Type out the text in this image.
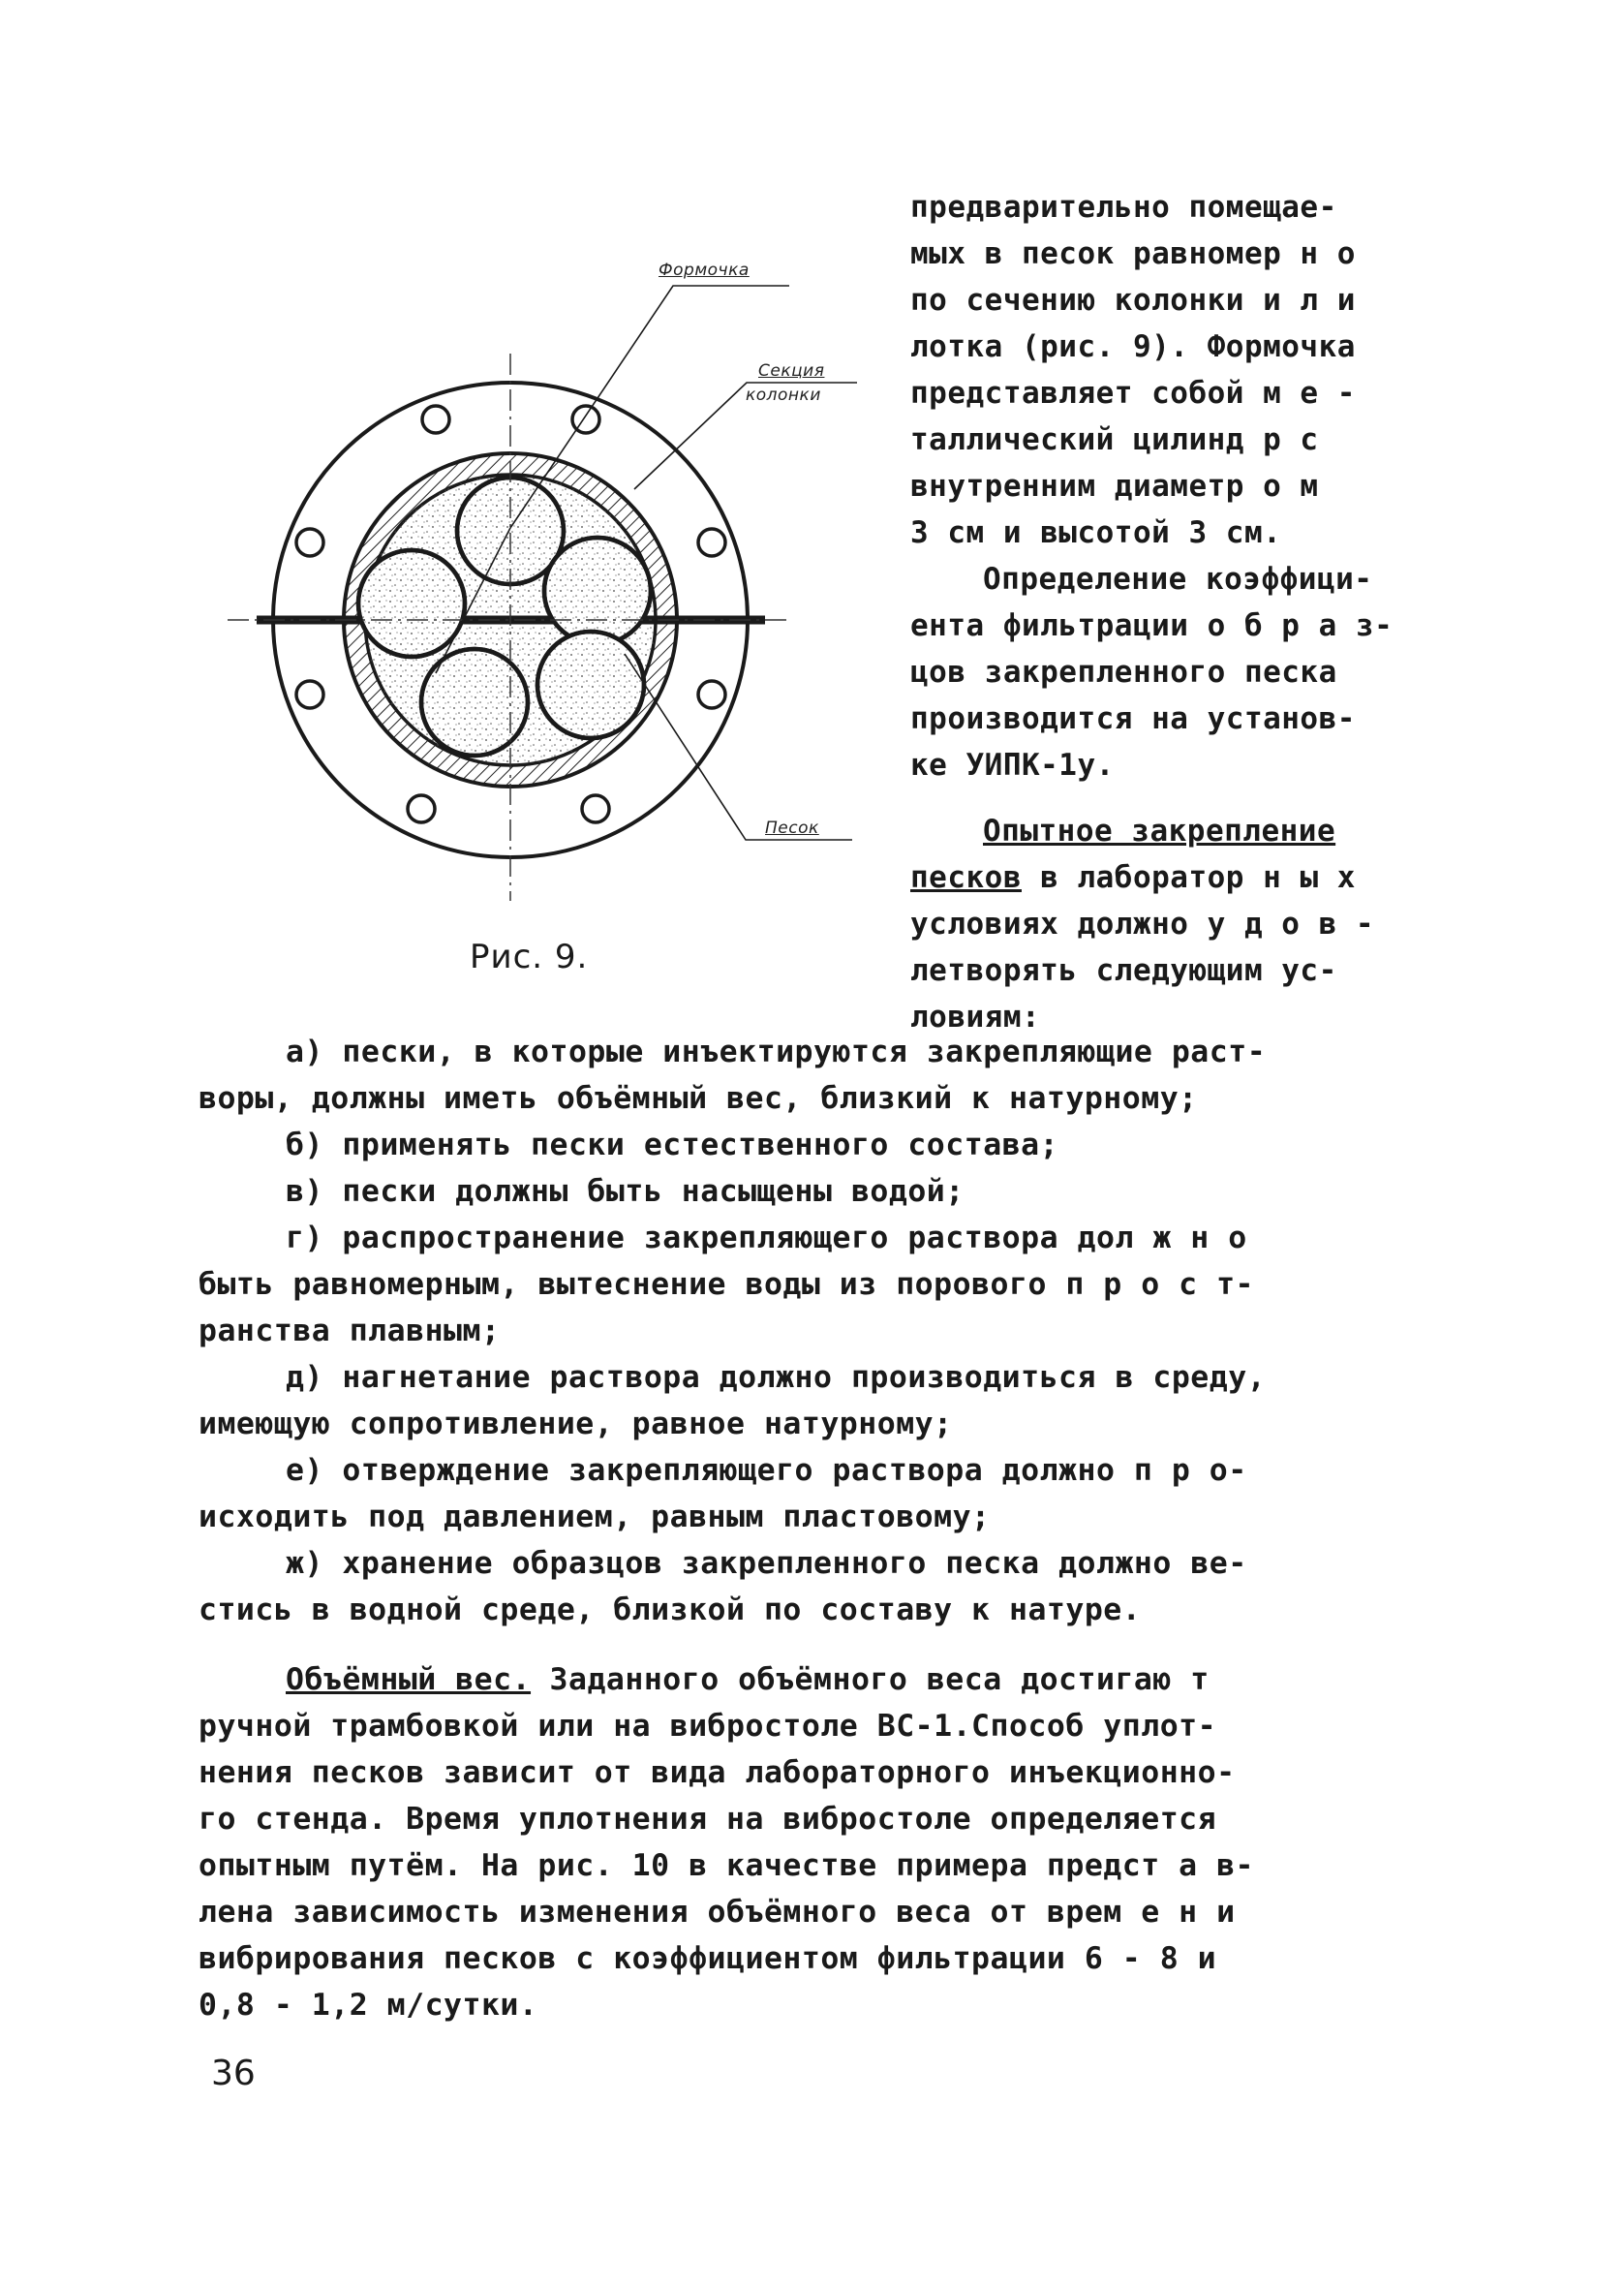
Формочка
Секция
колонки
Песок
Рис. 9.
предварительно помещае-
мых в песок равномер н о
по сечению колонки и л и
лотка (рис. 9). Формочка
представляет собой м е -
таллический цилинд р с
внутренним диаметр о м
3 см и высотой 3 см.
Определение коэффици-
ента фильтрации о б р а з-
цов закрепленного песка
производится на установ-
ке УИПК-1у.
Опытное закрепление
песков в лаборатор н ы х
условиях должно у д о в -
летворять следующим ус-
ловиям:
а) пески, в которые инъектируются закрепляющие раст-
воры, должны иметь объёмный вес, близкий к натурному;
б) применять пески естественного состава;
в) пески должны быть насыщены водой;
г) распространение закрепляющего раствора дол ж н о
быть равномерным, вытеснение воды из порового п р о с т-
ранства плавным;
д) нагнетание раствора должно производиться в среду,
имеющую сопротивление, равное натурному;
е) отверждение закрепляющего раствора должно п р о-
исходить под давлением, равным пластовому;
ж) хранение образцов закрепленного песка должно ве-
стись в водной среде, близкой по составу к натуре.
Объёмный вес. Заданного объёмного веса достигаю т
ручной трамбовкой или на вибростоле ВС-1.Способ уплот-
нения песков зависит от вида лабораторного инъекционно-
го стенда. Время уплотнения на вибростоле определяется
опытным путём. На рис. 10 в качестве примера предст а в-
лена зависимость изменения объёмного веса от врем е н и
вибрирования песков с коэффициентом фильтрации 6 - 8 и
0,8 - 1,2 м/сутки.
36
